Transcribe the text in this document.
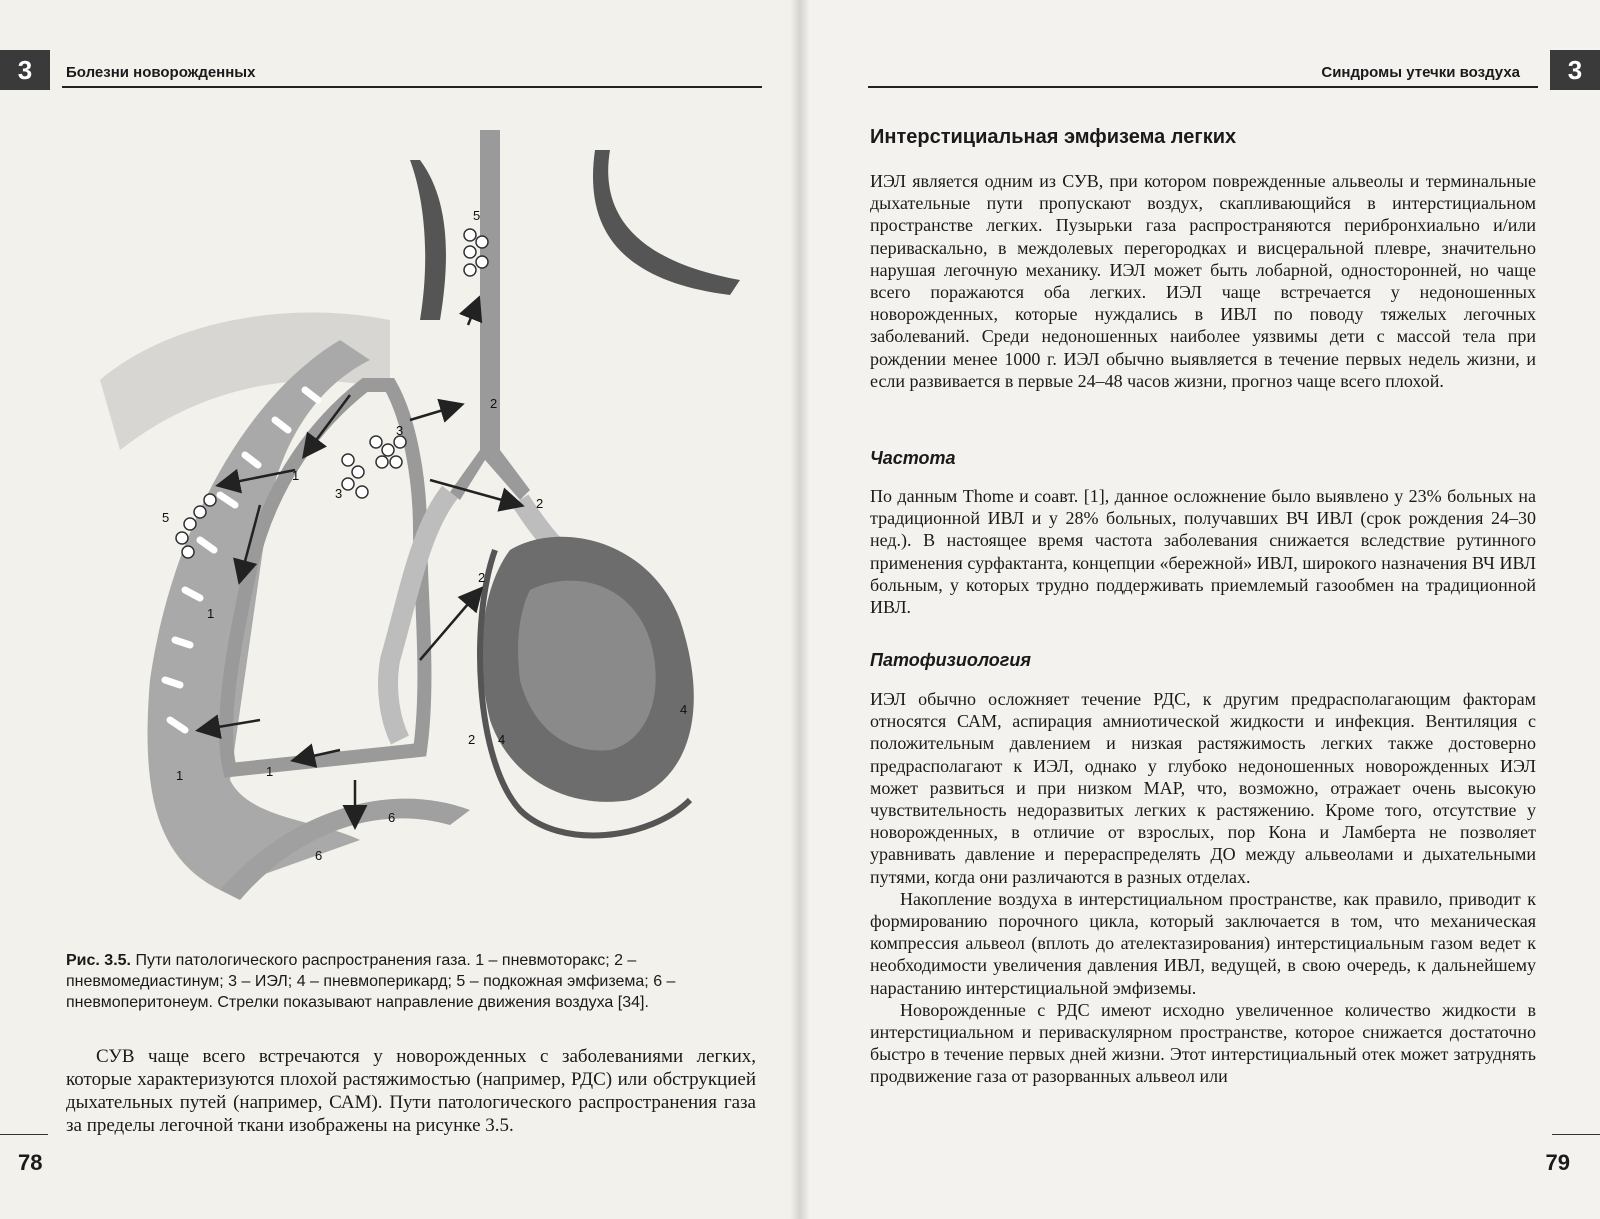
3	Болезни новорожденных
5
2
3
3
1
2
5
2
1
4
2 4
1	1
6
6
Рис. 3.5. Пути патологического распространения газа. 1 – пневмоторакс; 2 – пневмомедиастинум; 3 – ИЭЛ; 4 – пневмоперикард; 5 – подкожная эмфизема; 6 – пневмоперитонеум. Стрелки показывают направление движения воздуха [34].

СУВ чаще всего встречаются у новорожденных с заболеваниями легких, которые характеризуются плохой растяжимостью (например, РДС) или обструкцией дыхательных путей (например, САМ). Пути патологического распространения газа за пределы легочной ткани изображены на рисунке 3.5.

78
3
Синдромы утечки воздуха
Интерстициальная эмфизема легких

ИЭЛ является одним из СУВ, при котором поврежденные альвеолы и терминальные дыхательные пути пропускают воздух, скапливающийся в интерстициальном пространстве легких. Пузырьки газа распространяются перибронхиально и/или периваскально, в междолевых перегородках и висцеральной плевре, значительно нарушая легочную механику. ИЭЛ может быть лобарной, односторонней, но чаще всего поражаются оба легких. ИЭЛ чаще встречается у недоношенных новорожденных, которые нуждались в ИВЛ по поводу тяжелых легочных заболеваний. Среди недоношенных наиболее уязвимы дети с массой тела при рождении менее 1000 г. ИЭЛ обычно выявляется в течение первых недель жизни, и если развивается в первые 24–48 часов жизни, прогноз чаще всего плохой.

Частота

По данным Thome и соавт. [1], данное осложнение было выявлено у 23% больных на традиционной ИВЛ и у 28% больных, получавших ВЧ ИВЛ (срок рождения 24–30 нед.). В настоящее время частота заболевания снижается вследствие рутинного применения сурфактанта, концепции «бережной» ИВЛ, широкого назначения ВЧ ИВЛ больным, у которых трудно поддерживать приемлемый газообмен на традиционной ИВЛ.

Патофизиология

ИЭЛ обычно осложняет течение РДС, к другим предрасполагающим факторам относятся САМ, аспирация амниотической жидкости и инфекция. Вентиляция с положительным давлением и низкая растяжимость легких также достоверно предрасполагают к ИЭЛ, однако у глубоко недоношенных новорожденных ИЭЛ может развиться и при низком MAP, что, возможно, отражает очень высокую чувствительность недоразвитых легких к растяжению. Кроме того, отсутствие у новорожденных, в отличие от взрослых, пор Кона и Ламберта не позволяет уравнивать давление и перераспределять ДО между альвеолами и дыхательными путями, когда они различаются в разных отделах.

Накопление воздуха в интерстициальном пространстве, как правило, приводит к формированию порочного цикла, который заключается в том, что механическая компрессия альвеол (вплоть до ателектазирования) интерстициальным газом ведет к необходимости увеличения давления ИВЛ, ведущей, в свою очередь, к дальнейшему нарастанию интерстициальной эмфиземы.

Новорожденные с РДС имеют исходно увеличенное количество жидкости в интерстициальном и периваскулярном пространстве, которое снижается достаточно быстро в течение первых дней жизни. Этот интерстициальный отек может затруднять продвижение газа от разорванных альвеол или

79
